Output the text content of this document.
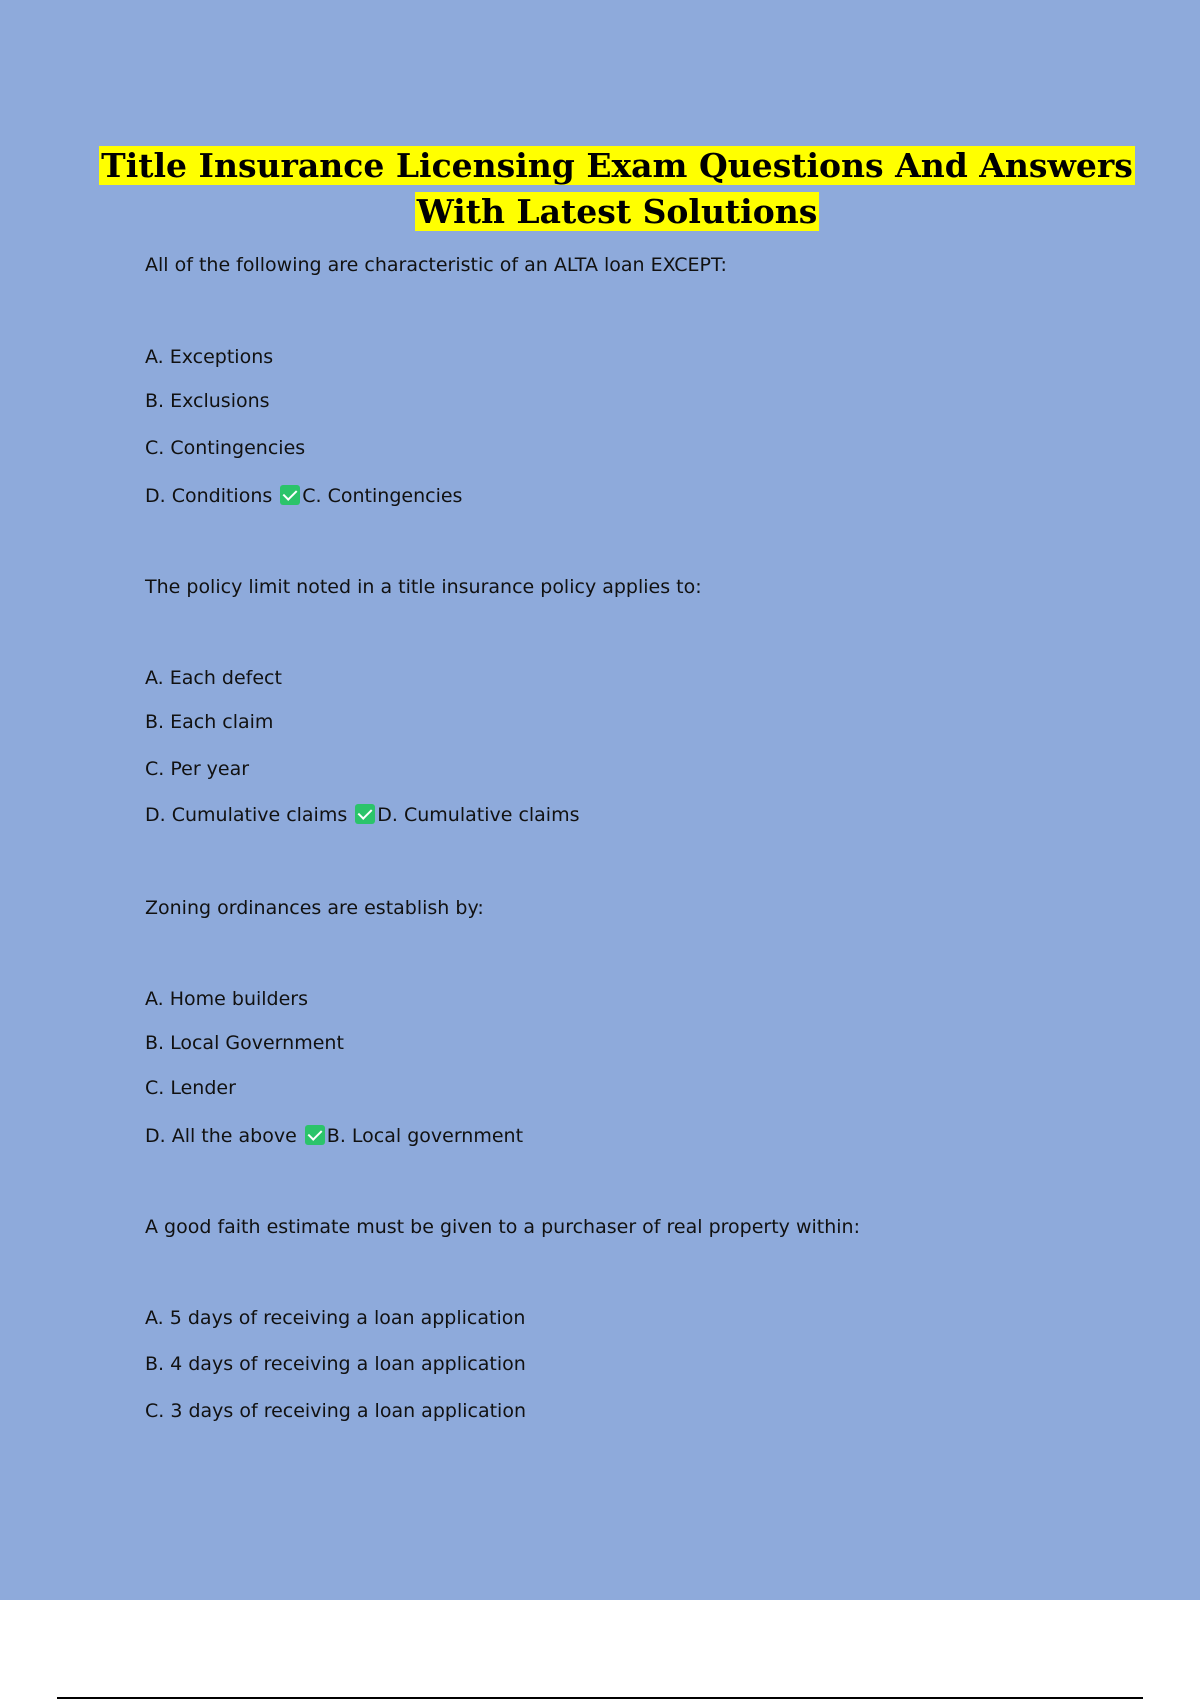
Title Insurance Licensing Exam Questions And Answers
With Latest Solutions
All of the following are characteristic of an ALTA loan EXCEPT:
A. Exceptions
B. Exclusions
C. Contingencies
D. Conditions C. Contingencies
The policy limit noted in a title insurance policy applies to:
A. Each defect
B. Each claim
C. Per year
D. Cumulative claims D. Cumulative claims
Zoning ordinances are establish by:
A. Home builders
B. Local Government
C. Lender
D. All the above B. Local government
A good faith estimate must be given to a purchaser of real property within:
A. 5 days of receiving a loan application
B. 4 days of receiving a loan application
C. 3 days of receiving a loan application
